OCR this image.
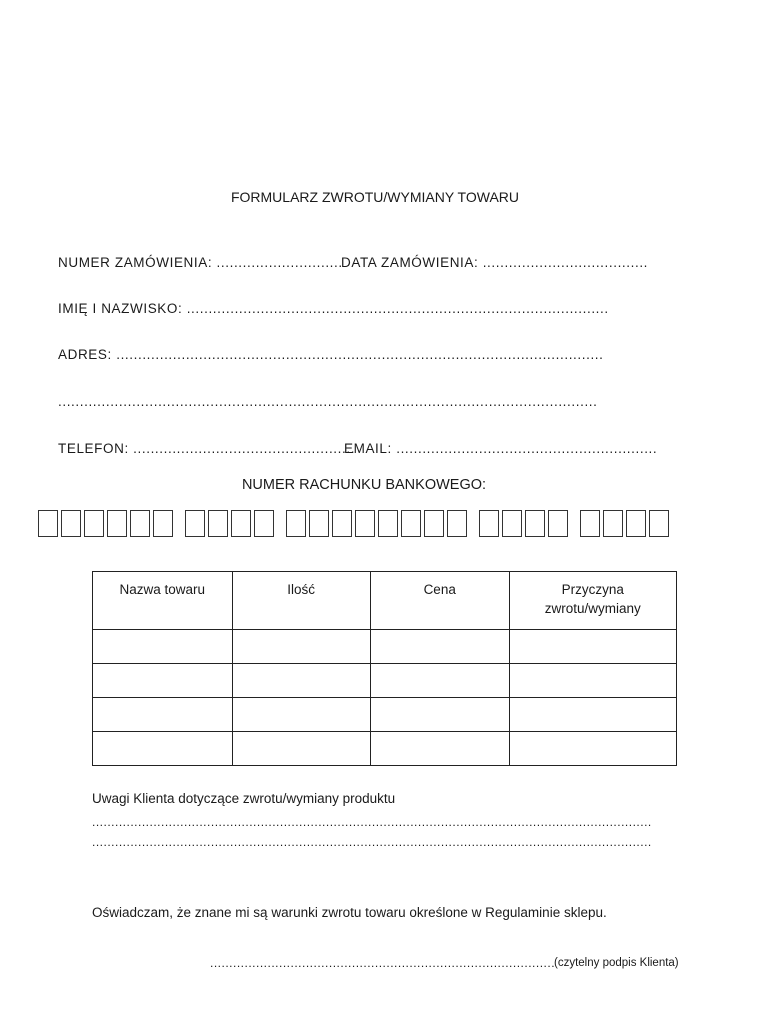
FORMULARZ ZWROTU/WYMIANY TOWARU
NUMER ZAMÓWIENIA: .............................
DATA ZAMÓWIENIA: ......................................
IMIĘ I NAZWISKO: .................................................................................................
ADRES: ................................................................................................................
............................................................................................................................
TELEFON: ...................................................
EMAIL: ............................................................
NUMER RACHUNKU BANKOWEGO:
Nazwa towaru	Ilość	Cena	Przyczyna zwrotu/wymiany

Uwagi Klienta dotyczące zwrotu/wymiany produktu
..................................................................................................................................................
..................................................................................................................................................
Oświadczam, że znane mi są warunki zwrotu towaru określone w Regulaminie sklepu.
..........................................................................................
(czytelny podpis Klienta)
